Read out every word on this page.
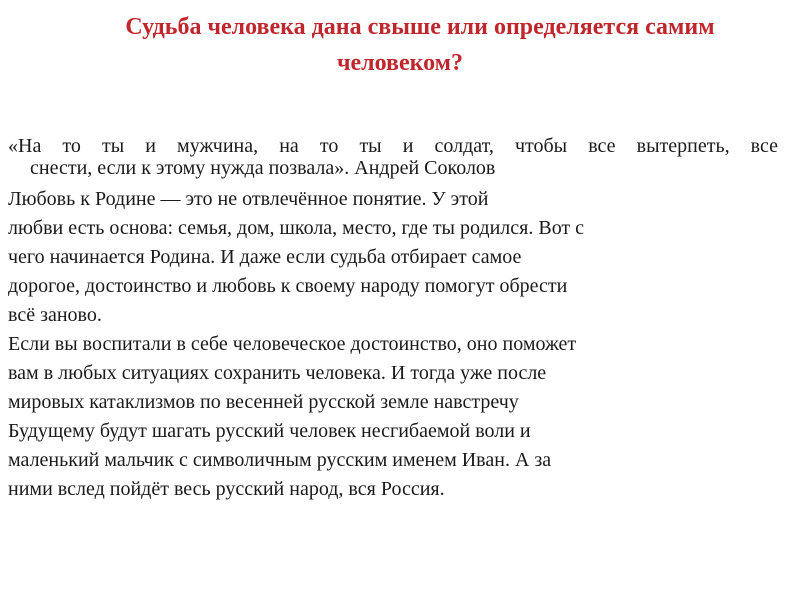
Судьба человека дана свыше или определяется самим
человеком?
«На то ты и мужчина, на то ты и солдат, чтобы все вытерпеть, все
снести, если к этому нужда позвала». Андрей Соколов
Любовь к Родине — это не отвлечённое понятие. У этой
любви есть основа: семья, дом, школа, место, где ты родился. Вот с
чего начинается Родина. И даже если судьба отбирает самое
дорогое, достоинство и любовь к своему народу помогут обрести
всё заново.
Если вы воспитали в себе человеческое достоинство, оно поможет
вам в любых ситуациях сохранить человека. И тогда уже после
мировых катаклизмов по весенней русской земле навстречу
Будущему будут шагать русский человек несгибаемой воли и
маленький мальчик с символичным русским именем Иван. А за
ними вслед пойдёт весь русский народ, вся Россия.
